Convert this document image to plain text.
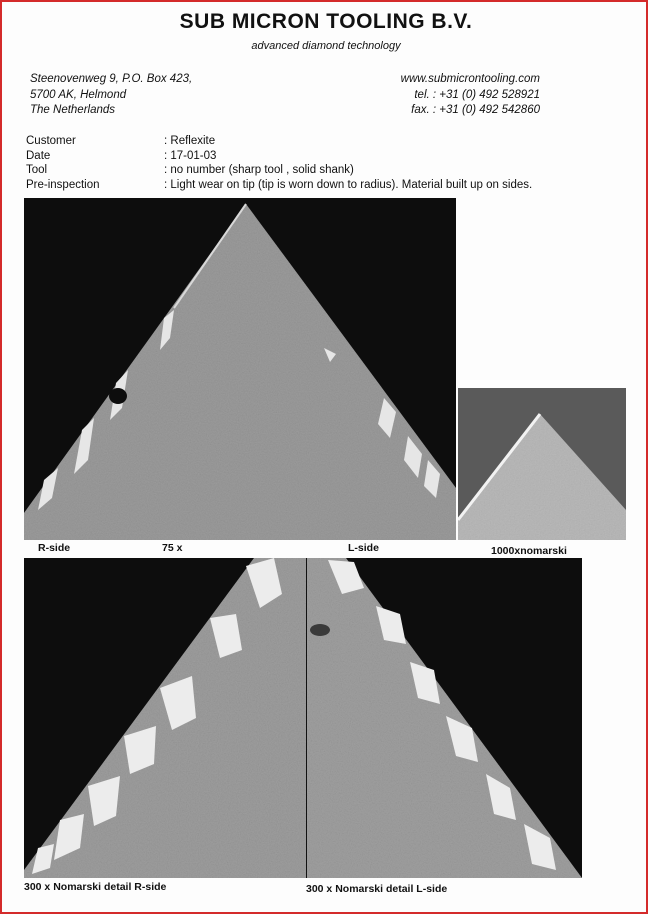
SUB MICRON TOOLING B.V.
advanced diamond technology
Steenovenweg 9, P.O. Box 423,
5700 AK, Helmond
The Netherlands
www.submicrontooling.com
tel. : +31 (0) 492 528921
fax. : +31 (0) 492 542860
Customer	: Reflexite
Date	: 17-01-03
Tool	: no number (sharp tool , solid shank)
Pre-inspection	: Light wear on tip (tip is worn down to radius). Material built up on sides.
R-side	75 x	L-side	1000xnomarski
300 x Nomarski detail R-side	300 x Nomarski detail L-side
